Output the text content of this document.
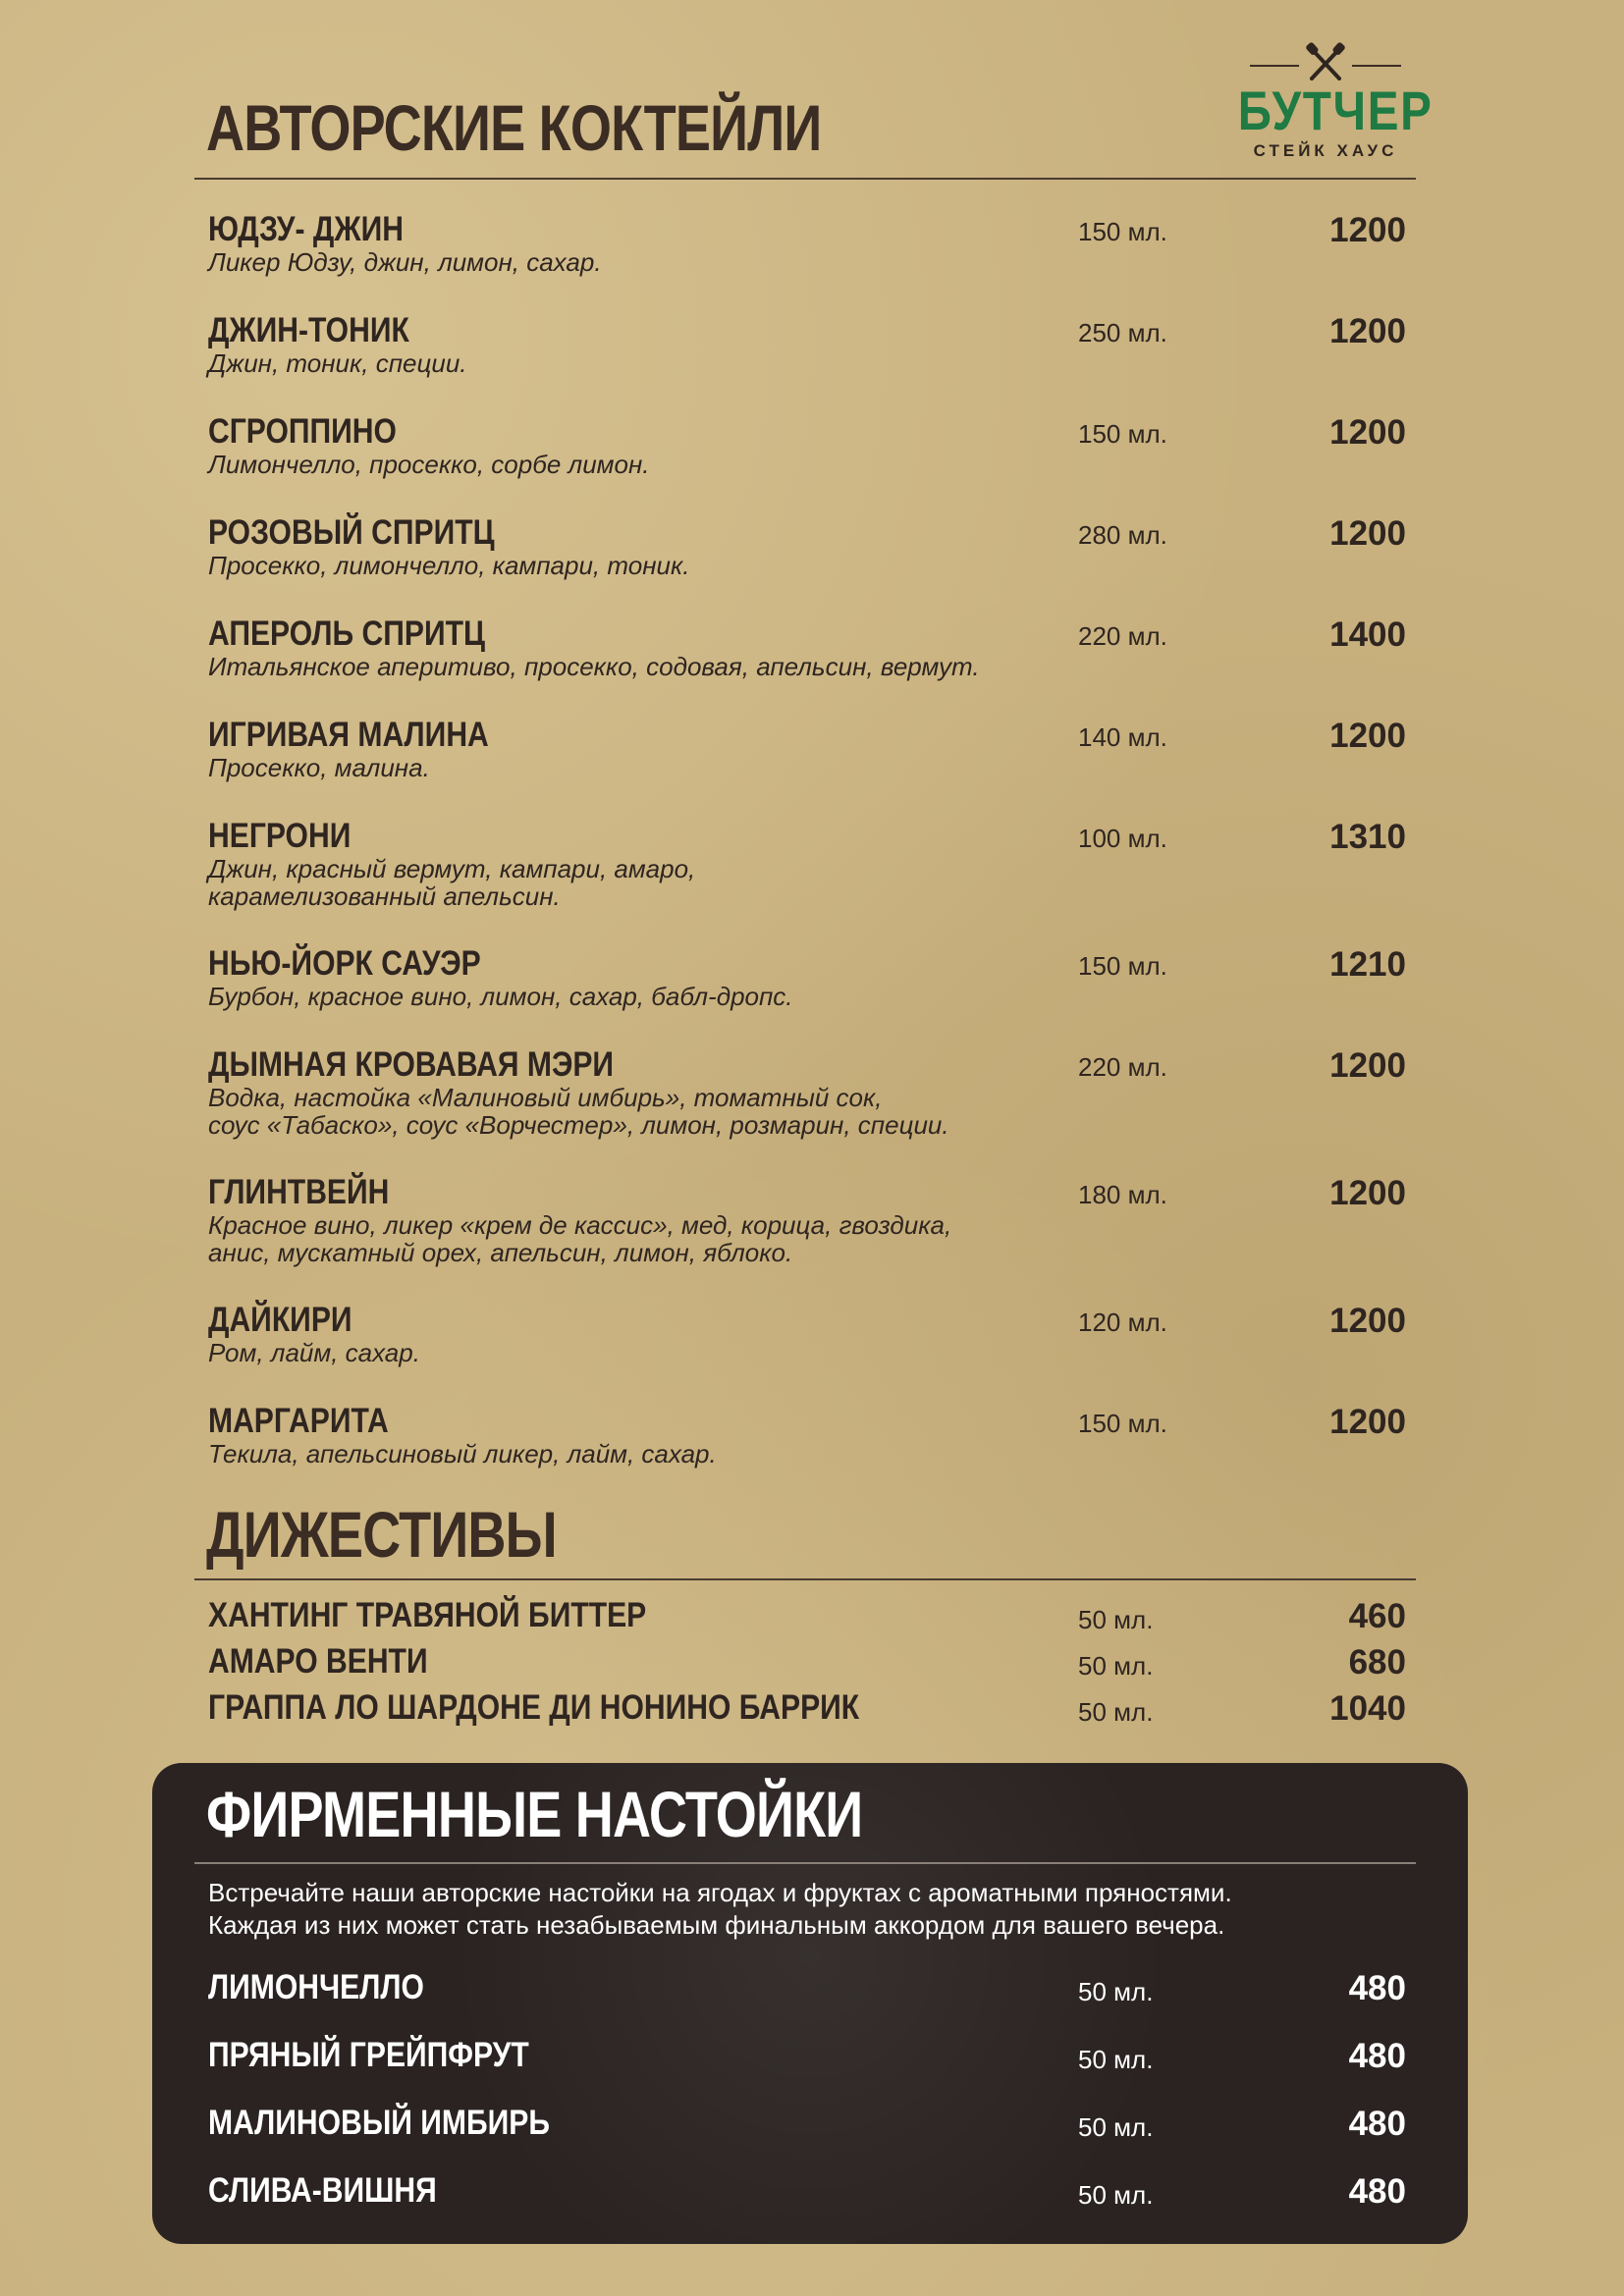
БУТЧЕР
СТЕЙК ХАУС
АВТОРСКИЕ КОКТЕЙЛИ
ЮДЗУ- ДЖИН
Ликер Юдзу, джин, лимон, сахар.
150 мл.	1200
ДЖИН-ТОНИК
Джин, тоник, специи.
250 мл.	1200
СГРОППИНО
Лимончелло, просекко, сорбе лимон.
150 мл.	1200
РОЗОВЫЙ СПРИТЦ
Просекко, лимончелло, кампари, тоник.
280 мл.	1200
АПЕРОЛЬ СПРИТЦ
Итальянское аперитиво, просекко, содовая, апельсин, вермут.
220 мл.	1400
ИГРИВАЯ МАЛИНА
Просекко, малина.
140 мл.	1200
НЕГРОНИ
Джин, красный вермут, кампари, амаро,
карамелизованный апельсин.
100 мл.	1310
НЬЮ-ЙОРК САУЭР
Бурбон, красное вино, лимон, сахар, бабл-дропс.
150 мл.	1210
ДЫМНАЯ КРОВАВАЯ МЭРИ
Водка, настойка «Малиновый имбирь», томатный сок,
соус «Табаско», соус «Ворчестер», лимон, розмарин, специи.
220 мл.	1200
ГЛИНТВЕЙН
Красное вино, ликер «крем де кассис», мед, корица, гвоздика,
анис, мускатный орех, апельсин, лимон, яблоко.
180 мл.	1200
ДАЙКИРИ
Ром, лайм, сахар.
120 мл.	1200
МАРГАРИТА
Текила, апельсиновый ликер, лайм, сахар.
150 мл.	1200
ДИЖЕСТИВЫ
ХАНТИНГ ТРАВЯНОЙ БИТТЕР	50 мл.	460
АМАРО ВЕНТИ	50 мл.	680
ГРАППА ЛО ШАРДОНЕ ДИ НОНИНО БАРРИК	50 мл.	1040
ФИРМЕННЫЕ НАСТОЙКИ
Встречайте наши авторские настойки на ягодах и фруктах с ароматными пряностями.
Каждая из них может стать незабываемым финальным аккордом для вашего вечера.
ЛИМОНЧЕЛЛО	50 мл.	480
ПРЯНЫЙ ГРЕЙПФРУТ	50 мл.	480
МАЛИНОВЫЙ ИМБИРЬ	50 мл.	480
СЛИВА-ВИШНЯ	50 мл.	480
